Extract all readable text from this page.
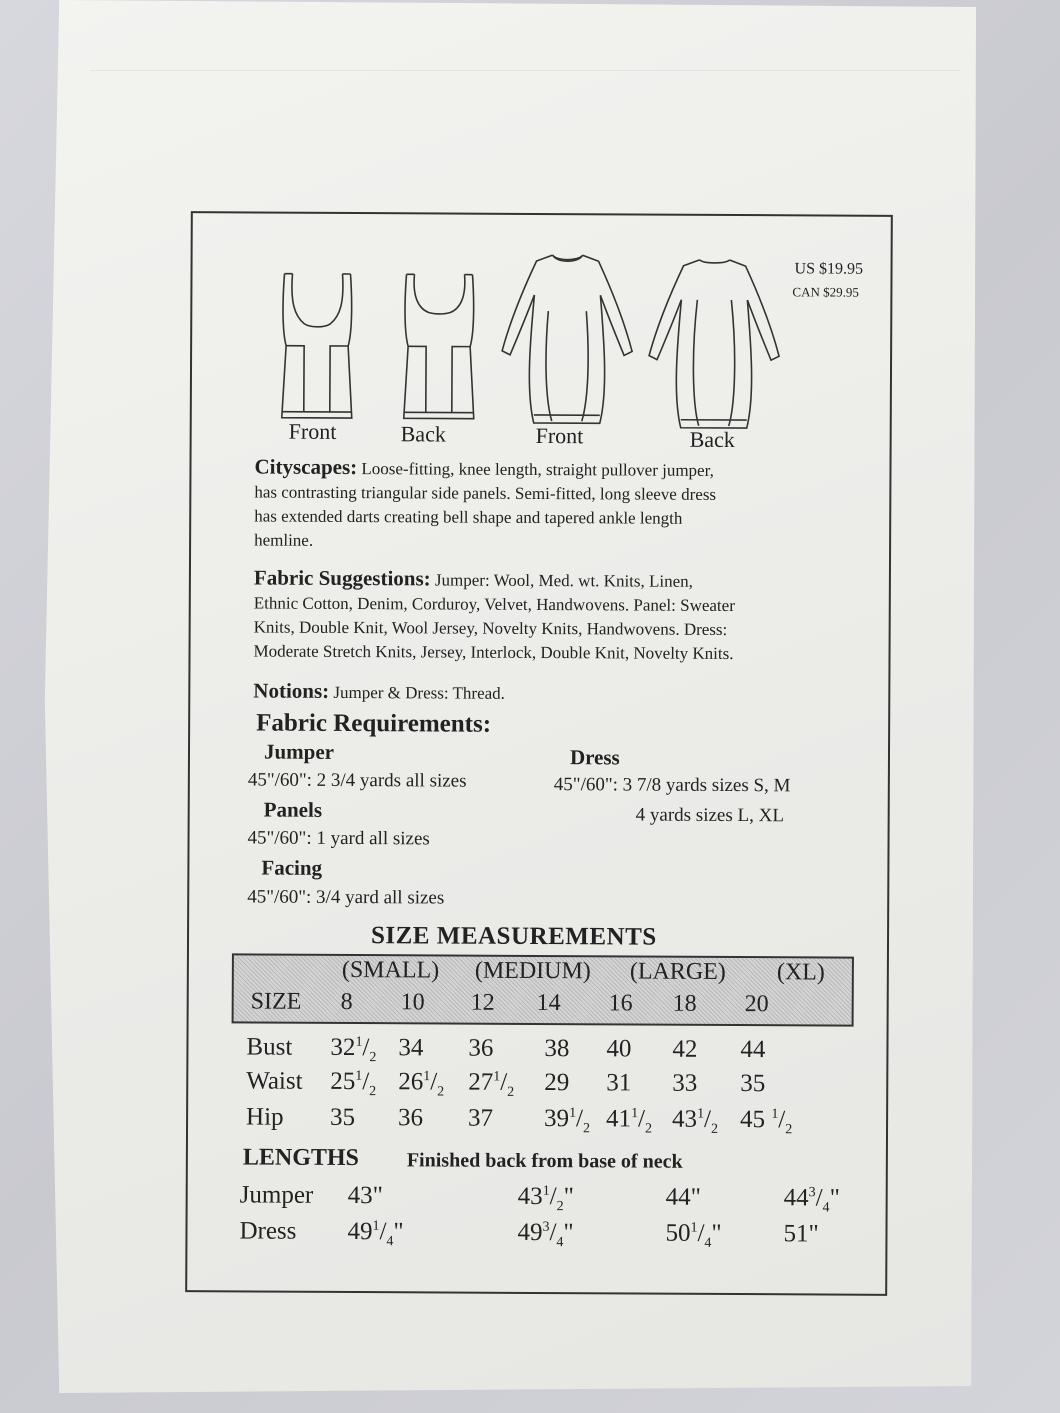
US $19.95
CAN $29.95
Front	Back	Front	Back
Cityscapes: Loose-fitting, knee length, straight pullover jumper,
has contrasting triangular side panels. Semi-fitted, long sleeve dress
has extended darts creating bell shape and tapered ankle length
hemline.
Fabric Suggestions: Jumper: Wool, Med. wt. Knits, Linen,
Ethnic Cotton, Denim, Corduroy, Velvet, Handwovens. Panel: Sweater
Knits, Double Knit, Wool Jersey, Novelty Knits, Handwovens. Dress:
Moderate Stretch Knits, Jersey, Interlock, Double Knit, Novelty Knits.
Notions: Jumper & Dress: Thread.
Fabric Requirements:
Jumper
45"/60": 2 3/4 yards all sizes
Panels
45"/60": 1 yard all sizes
Facing
45"/60": 3/4 yard all sizes
Dress
45"/60": 3 7/8 yards sizes S, M
4 yards sizes L, XL
SIZE MEASUREMENTS
(SMALL) (MEDIUM) (LARGE) (XL)
SIZE 8 10 12 14 16 18 20
Bust $32^1/_2$ 34 36 38 40 42 44
Waist $25^1/_2$ $26^1/_2$ $27^1/_2$ 29 31 33 35
Hip 35 36 37 $39^1/_2$ $41^1/_2$ $43^1/_2$ 45 $^1/_2$
LENGTHS Finished back from base of neck
Jumper 43"	$43^1/_2$"	44"	$44^3/_4$"
Dress $49^1/_4$"	$49^3/_4$"	$50^1/_4$" 51"
